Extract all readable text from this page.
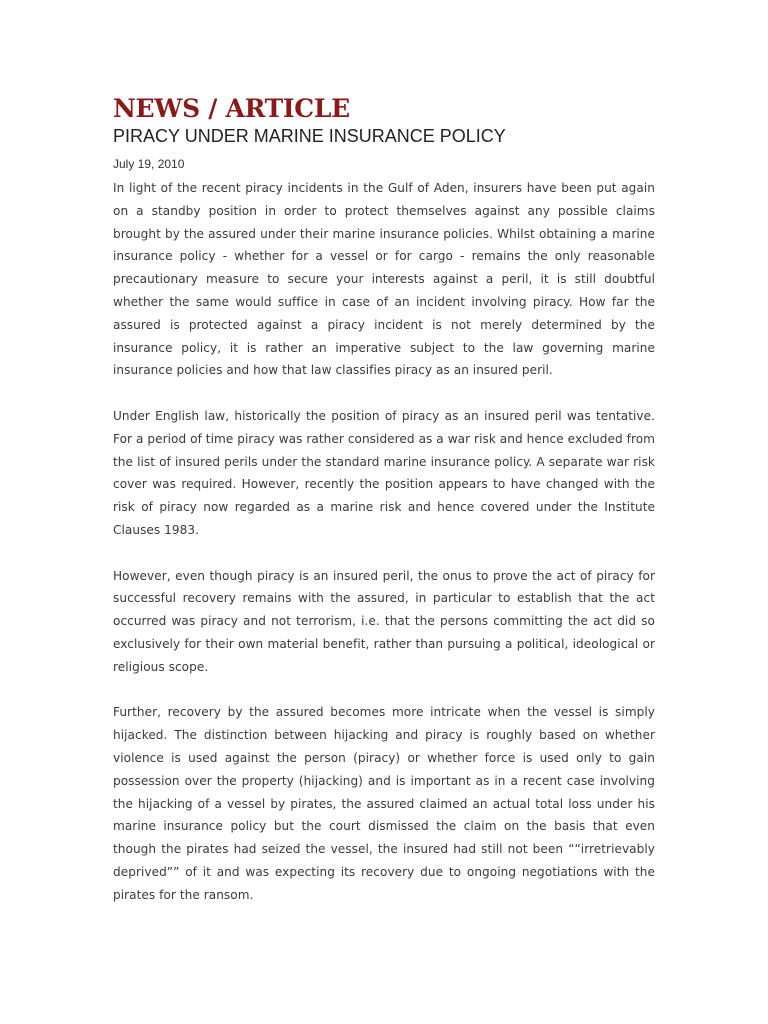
NEWS / ARTICLE
PIRACY UNDER MARINE INSURANCE POLICY
July 19, 2010

In light of the recent piracy incidents in the Gulf of Aden, insurers have been put again on a standby position in order to protect themselves against any possible claims brought by the assured under their marine insurance policies. Whilst obtaining a marine insurance policy - whether for a vessel or for cargo - remains the only reasonable precautionary measure to secure your interests against a peril, it is still doubtful whether the same would suffice in case of an incident involving piracy. How far the assured is protected against a piracy incident is not merely determined by the insurance policy, it is rather an imperative subject to the law governing marine insurance policies and how that law classifies piracy as an insured peril.

Under English law, historically the position of piracy as an insured peril was tentative. For a period of time piracy was rather considered as a war risk and hence excluded from the list of insured perils under the standard marine insurance policy. A separate war risk cover was required. However, recently the position appears to have changed with the risk of piracy now regarded as a marine risk and hence covered under the Institute Clauses 1983.

However, even though piracy is an insured peril, the onus to prove the act of piracy for successful recovery remains with the assured, in particular to establish that the act occurred was piracy and not terrorism, i.e. that the persons committing the act did so exclusively for their own material benefit, rather than pursuing a political, ideological or religious scope.

Further, recovery by the assured becomes more intricate when the vessel is simply hijacked. The distinction between hijacking and piracy is roughly based on whether violence is used against the person (piracy) or whether force is used only to gain possession over the property (hijacking) and is important as in a recent case involving the hijacking of a vessel by pirates, the assured claimed an actual total loss under his marine insurance policy but the court dismissed the claim on the basis that even though the pirates had seized the vessel, the insured had still not been ““irretrievably deprived”” of it and was expecting its recovery due to ongoing negotiations with the pirates for the ransom.
